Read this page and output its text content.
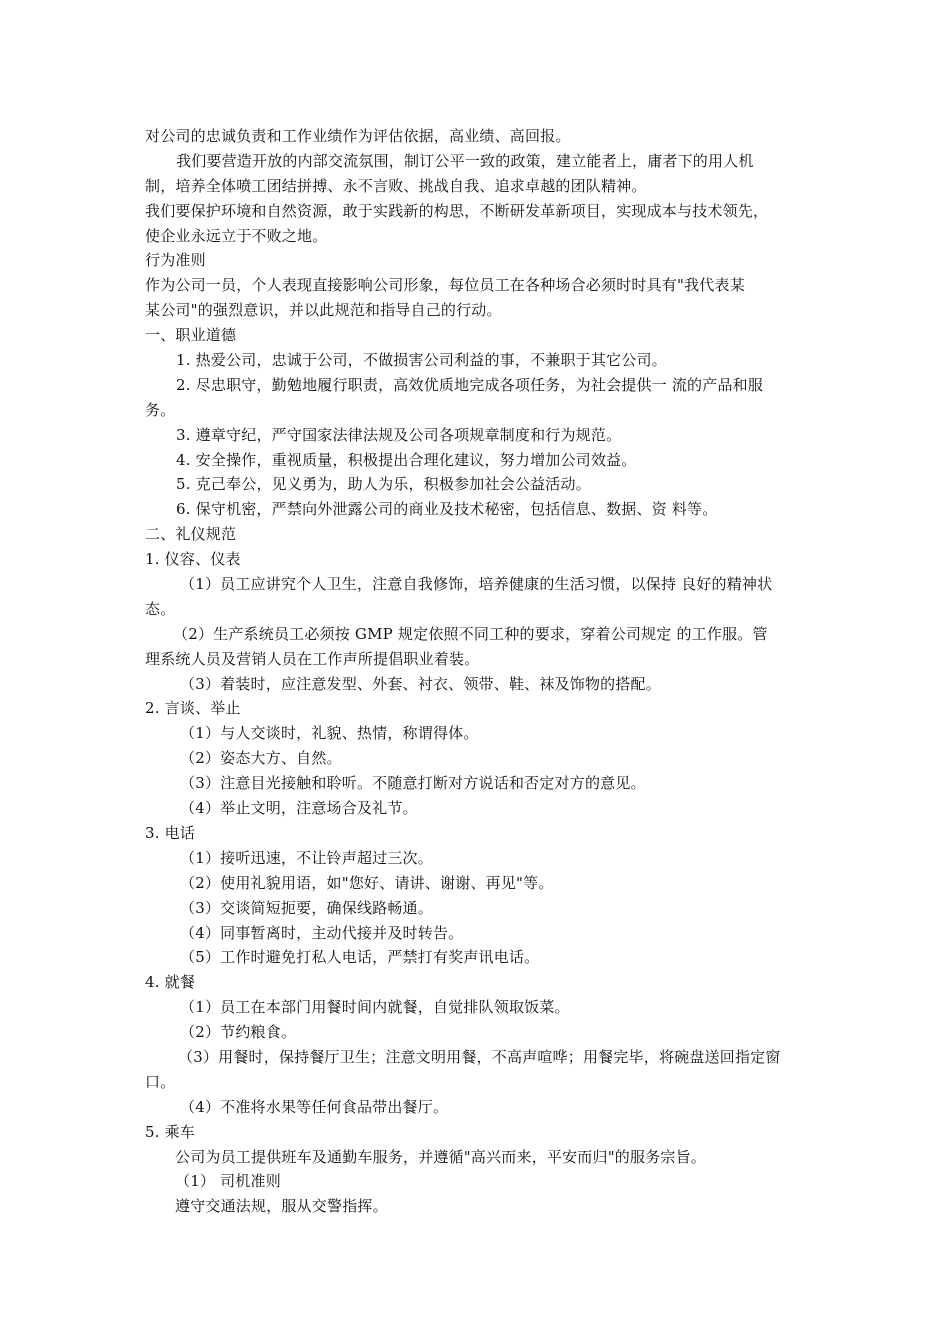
对公司的忠诚负责和工作业绩作为评估依据，高业绩、高回报。
我们要营造开放的内部交流氛围，制订公平一致的政策，建立能者上，庸者下的用人机
制，培养全体喷工团结拼搏、永不言败、挑战自我、追求卓越的团队精神。
我们要保护环境和自然资源，敢于实践新的构思，不断研发革新项目，实现成本与技术领先，
使企业永远立于不败之地。
行为准则
作为公司一员，个人表现直接影响公司形象，每位员工在各种场合必须时时具有"我代表某
某公司"的强烈意识，并以此规范和指导自己的行动。
一、职业道德
1. 热爱公司，忠诚于公司，不做损害公司利益的事，不兼职于其它公司。
2. 尽忠职守，勤勉地履行职责，高效优质地完成各项任务，为社会提供一 流的产品和服
务。
3. 遵章守纪，严守国家法律法规及公司各项规章制度和行为规范。
4. 安全操作，重视质量，积极提出合理化建议，努力增加公司效益。
5. 克己奉公，见义勇为，助人为乐，积极参加社会公益活动。
6. 保守机密，严禁向外泄露公司的商业及技术秘密，包括信息、数据、资 料等。
二、礼仪规范
1. 仪容、仪表
（1）员工应讲究个人卫生，注意自我修饰，培养健康的生活习惯，以保持 良好的精神状
态。
（2）生产系统员工必须按 GMP 规定依照不同工种的要求，穿着公司规定 的工作服。管
理系统人员及营销人员在工作声所提倡职业着装。
（3）着装时，应注意发型、外套、衬衣、领带、鞋、袜及饰物的搭配。
2. 言谈、举止
（1）与人交谈时，礼貌、热情，称谓得体。
（2）姿态大方、自然。
（3）注意目光接触和聆听。不随意打断对方说话和否定对方的意见。
（4）举止文明，注意场合及礼节。
3. 电话
（1）接听迅速，不让铃声超过三次。
（2）使用礼貌用语，如"您好、请讲、谢谢、再见"等。
（3）交谈简短扼要，确保线路畅通。
（4）同事暂离时，主动代接并及时转告。
（5）工作时避免打私人电话，严禁打有奖声讯电话。
4. 就餐
（1）员工在本部门用餐时间内就餐，自觉排队领取饭菜。
（2）节约粮食。
（3）用餐时，保持餐厅卫生；注意文明用餐，不高声喧哗；用餐完毕，将碗盘送回指定窗
口。
（4）不准将水果等任何食品带出餐厅。
5. 乘车
公司为员工提供班车及通勤车服务，并遵循"高兴而来，平安而归"的服务宗旨。
（1） 司机准则
遵守交通法规，服从交警指挥。
